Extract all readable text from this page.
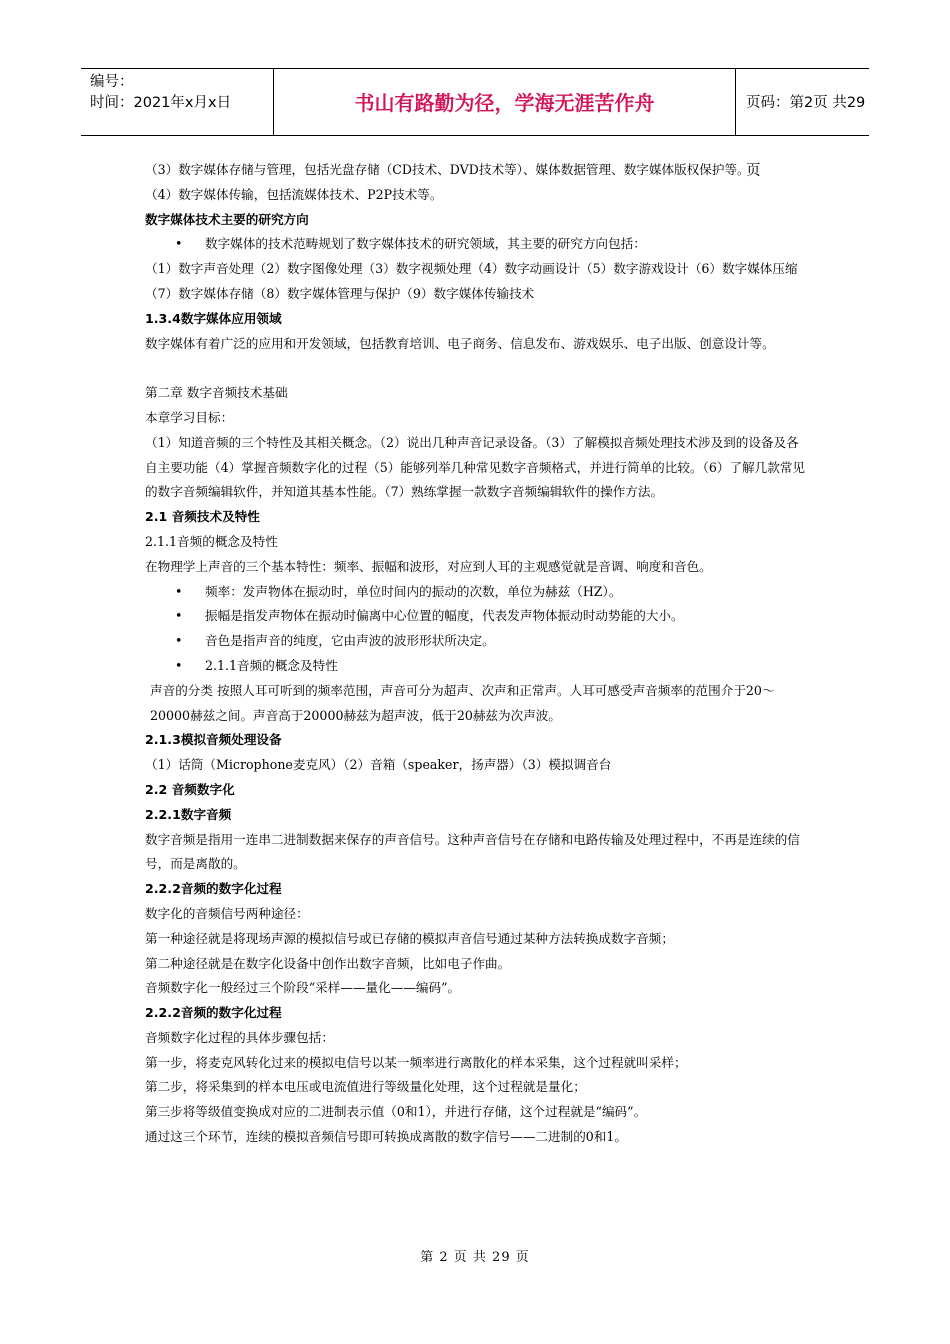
编号：
时间：2021年x月x日	书山有路勤为径，学海无涯苦作舟	页码：第2页 共29页

（3）数字媒体存储与管理，包括光盘存储（CD技术、DVD技术等）、媒体数据管理、数字媒体版权保护等。

（4）数字媒体传输，包括流媒体技术、P2P技术等。

数字媒体技术主要的研究方向

• 数字媒体的技术范畴规划了数字媒体技术的研究领域，其主要的研究方向包括：

（1）数字声音处理（2）数字图像处理（3）数字视频处理（4）数字动画设计（5）数字游戏设计（6）数字媒体压缩（7）数字媒体存储（8）数字媒体管理与保护（9）数字媒体传输技术

1.3.4数字媒体应用领域

数字媒体有着广泛的应用和开发领域，包括教育培训、电子商务、信息发布、游戏娱乐、电子出版、创意设计等。

第二章 数字音频技术基础

本章学习目标：

（1）知道音频的三个特性及其相关概念。（2）说出几种声音记录设备。（3）了解模拟音频处理技术涉及到的设备及各自主要功能（4）掌握音频数字化的过程（5）能够列举几种常见数字音频格式，并进行简单的比较。（6）了解几款常见的数字音频编辑软件，并知道其基本性能。（7）熟练掌握一款数字音频编辑软件的操作方法。

2.1 音频技术及特性

2.1.1音频的概念及特性

在物理学上声音的三个基本特性：频率、振幅和波形，对应到人耳的主观感觉就是音调、响度和音色。

• 频率：发声物体在振动时，单位时间内的振动的次数，单位为赫兹（HZ）。

• 振幅是指发声物体在振动时偏离中心位置的幅度，代表发声物体振动时动势能的大小。

• 音色是指声音的纯度，它由声波的波形形状所决定。

• 2.1.1音频的概念及特性

声音的分类 按照人耳可听到的频率范围，声音可分为超声、次声和正常声。人耳可感受声音频率的范围介于20～20000赫兹之间。声音高于20000赫兹为超声波，低于20赫兹为次声波。

2.1.3模拟音频处理设备

（1）话筒（Microphone麦克风）（2）音箱（speaker，扬声器）（3）模拟调音台

2.2 音频数字化

2.2.1数字音频

数字音频是指用一连串二进制数据来保存的声音信号。这种声音信号在存储和电路传输及处理过程中，不再是连续的信号，而是离散的。

2.2.2音频的数字化过程

数字化的音频信号两种途径：

第一种途径就是将现场声源的模拟信号或已存储的模拟声音信号通过某种方法转换成数字音频；

第二种途径就是在数字化设备中创作出数字音频，比如电子作曲。

音频数字化一般经过三个阶段“采样——量化——编码”。

2.2.2音频的数字化过程

音频数字化过程的具体步骤包括：

第一步，将麦克风转化过来的模拟电信号以某一频率进行离散化的样本采集，这个过程就叫采样；

第二步，将采集到的样本电压或电流值进行等级量化处理，这个过程就是量化；

第三步将等级值变换成对应的二进制表示值（0和1），并进行存储，这个过程就是“编码”。

通过这三个环节，连续的模拟音频信号即可转换成离散的数字信号——二进制的0和1。

第 2 页 共 29 页
